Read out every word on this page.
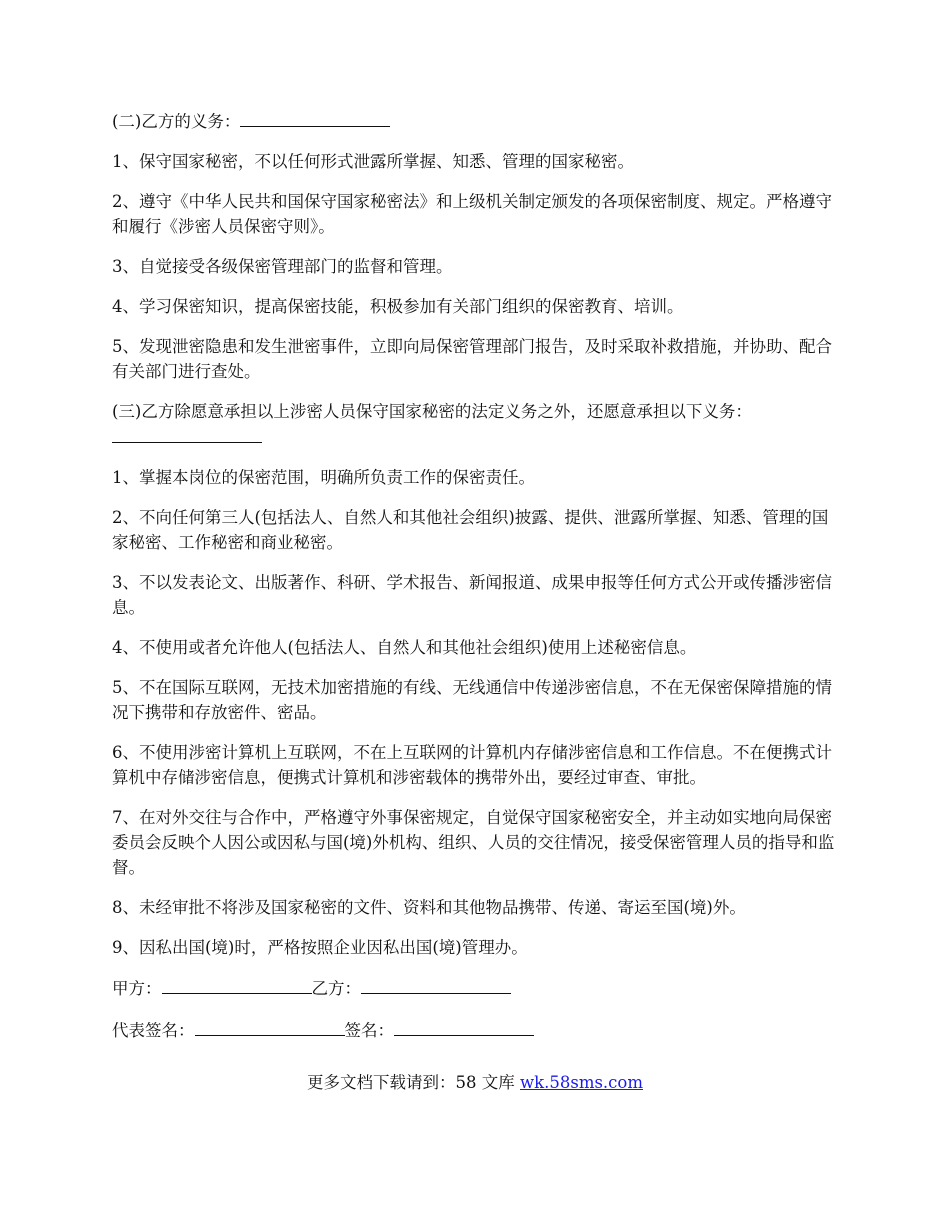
(二)乙方的义务：

1、保守国家秘密，不以任何形式泄露所掌握、知悉、管理的国家秘密。

2、遵守《中华人民共和国保守国家秘密法》和上级机关制定颁发的各项保密制度、规定。严格遵守和履行《涉密人员保密守则》。

3、自觉接受各级保密管理部门的监督和管理。

4、学习保密知识，提高保密技能，积极参加有关部门组织的保密教育、培训。

5、发现泄密隐患和发生泄密事件，立即向局保密管理部门报告，及时采取补救措施，并协助、配合有关部门进行查处。

(三)乙方除愿意承担以上涉密人员保守国家秘密的法定义务之外，还愿意承担以下义务：

1、掌握本岗位的保密范围，明确所负责工作的保密责任。

2、不向任何第三人(包括法人、自然人和其他社会组织)披露、提供、泄露所掌握、知悉、管理的国家秘密、工作秘密和商业秘密。

3、不以发表论文、出版著作、科研、学术报告、新闻报道、成果申报等任何方式公开或传播涉密信息。

4、不使用或者允许他人(包括法人、自然人和其他社会组织)使用上述秘密信息。

5、不在国际互联网，无技术加密措施的有线、无线通信中传递涉密信息，不在无保密保障措施的情况下携带和存放密件、密品。

6、不使用涉密计算机上互联网，不在上互联网的计算机内存储涉密信息和工作信息。不在便携式计算机中存储涉密信息，便携式计算机和涉密载体的携带外出，要经过审查、审批。

7、在对外交往与合作中，严格遵守外事保密规定，自觉保守国家秘密安全，并主动如实地向局保密委员会反映个人因公或因私与国(境)外机构、组织、人员的交往情况，接受保密管理人员的指导和监督。

8、未经审批不将涉及国家秘密的文件、资料和其他物品携带、传递、寄运至国(境)外。

9、因私出国(境)时，严格按照企业因私出国(境)管理办。

甲方：	乙方：

代表签名：	签名：

更多文档下载请到：58 文库 wk.58sms.com
